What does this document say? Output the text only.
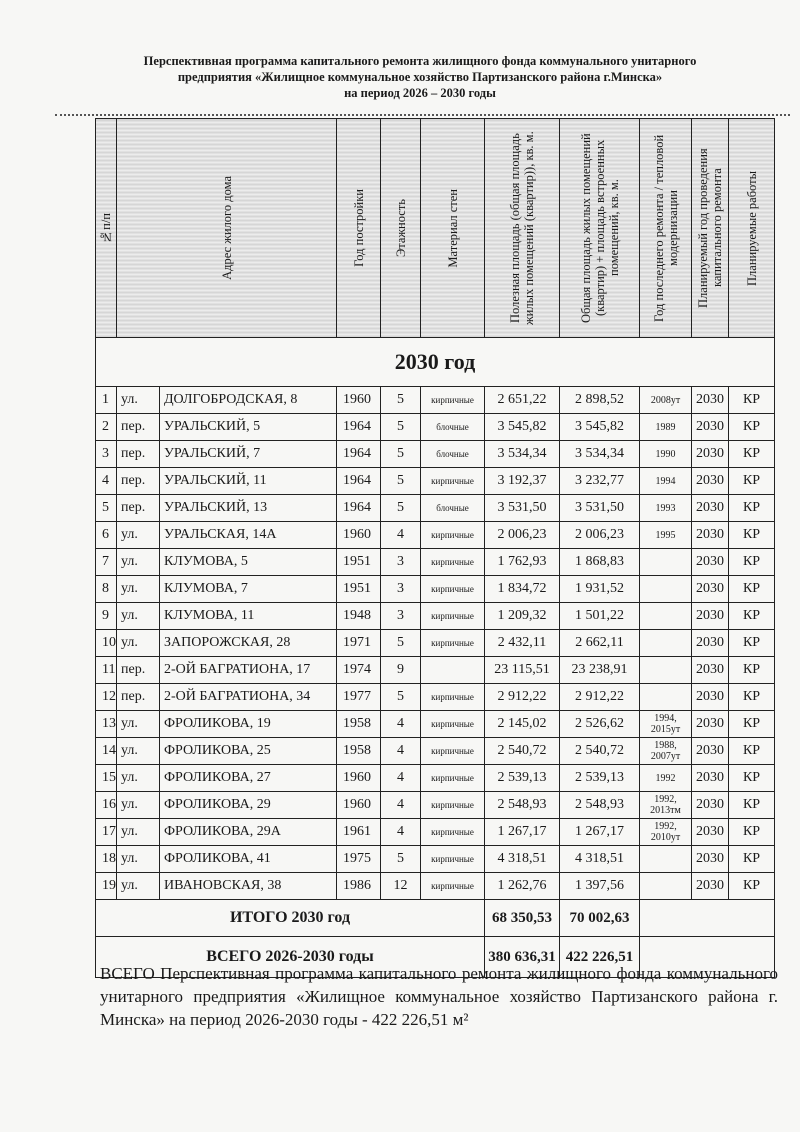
Перспективная программа капитального ремонта жилищного фонда коммунального унитарного
предприятия «Жилищное коммунальное хозяйство Партизанского района г.Минска»
на период 2026 – 2030 годы
№п/п	Адрес жилого дома		Год постройки	Этажность	Материал стен	Полезная площадь (общая площадь жилых помещений (квартир)), кв. м.	Общая площадь жилых помещений (квартир) + площадь встроенных помещений, кв. м.	Год последнего ремонта / тепловой модернизации	Планируемый год проведения капитального ремонта	Планируемые работы

2030 год										
1	ул.	ДОЛГОБРОДСКАЯ, 8	1960	5	кирпичные	2 651,22	2 898,52	2008ут	2030	КР
2	пер.	УРАЛЬСКИЙ, 5	1964	5	блочные	3 545,82	3 545,82	1989	2030	КР
3	пер.	УРАЛЬСКИЙ, 7	1964	5	блочные	3 534,34	3 534,34	1990	2030	КР
4	пер.	УРАЛЬСКИЙ, 11	1964	5	кирпичные	3 192,37	3 232,77	1994	2030	КР
5	пер.	УРАЛЬСКИЙ, 13	1964	5	блочные	3 531,50	3 531,50	1993	2030	КР
6	ул.	УРАЛЬСКАЯ, 14А	1960	4	кирпичные	2 006,23	2 006,23	1995	2030	КР
7	ул.	КЛУМОВА, 5	1951	3	кирпичные	1 762,93	1 868,83		2030	КР
8	ул.	КЛУМОВА, 7	1951	3	кирпичные	1 834,72	1 931,52		2030	КР
9	ул.	КЛУМОВА, 11	1948	3	кирпичные	1 209,32	1 501,22		2030	КР
10	ул.	ЗАПОРОЖСКАЯ, 28	1971	5	кирпичные	2 432,11	2 662,11		2030	КР
11	пер.	2-ОЙ БАГРАТИОНА, 17	1974	9		23 115,51	23 238,91		2030	КР
12	пер.	2-ОЙ БАГРАТИОНА, 34	1977	5	кирпичные	2 912,22	2 912,22		2030	КР
13	ул.	ФРОЛИКОВА, 19	1958	4	кирпичные	2 145,02	2 526,62	1994, 2015ут	2030	КР
14	ул.	ФРОЛИКОВА, 25	1958	4	кирпичные	2 540,72	2 540,72	1988, 2007ут	2030	КР
15	ул.	ФРОЛИКОВА, 27	1960	4	кирпичные	2 539,13	2 539,13	1992	2030	КР
16	ул.	ФРОЛИКОВА, 29	1960	4	кирпичные	2 548,93	2 548,93	1992, 2013тм	2030	КР
17	ул.	ФРОЛИКОВА, 29А	1961	4	кирпичные	1 267,17	1 267,17	1992, 2010ут	2030	КР
18	ул.	ФРОЛИКОВА, 41	1975	5	кирпичные	4 318,51	4 318,51		2030	КР
19	ул.	ИВАНОВСКАЯ, 38	1986	12	кирпичные	1 262,76	1 397,56		2030	КР
ИТОГО 2030 год						68 350,53	70 002,63			
ВСЕГО 2026-2030 годы						380 636,31	422 226,51			
ВСЕГО Перспективная программа капитального ремонта жилищного фонда коммунального унитарного предприятия «Жилищное коммунальное хозяйство Партизанского района г. Минска» на период 2026-2030 годы - 422 226,51 м²
